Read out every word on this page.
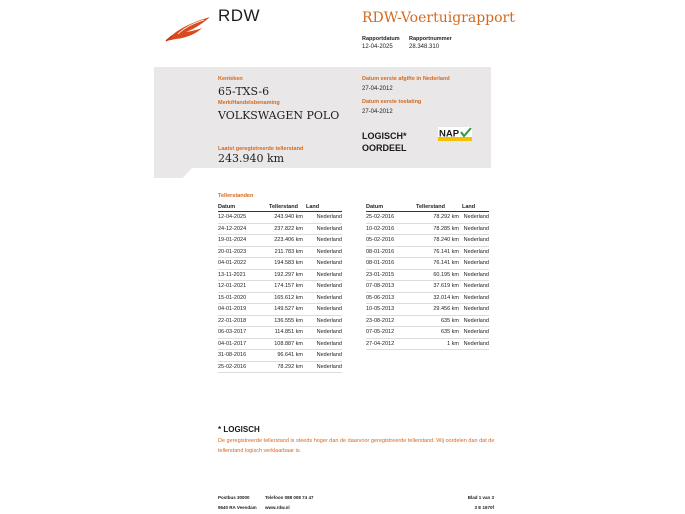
RDW	RDW-Voertuigrapport
Rapportdatum
12-04-2025
Rapportnummer
28.348.310
Kenteken
65-TXS-6
Merk/Handelsbenaming
VOLKSWAGEN POLO
Laatst geregistreerde tellerstand
243.940 km
Datum eerste afgifte in Nederland
27-04-2012
Datum eerste toelating
27-04-2012
LOGISCH*
OORDEEL
NAP
Tellerstanden
Datum	Tellerstand	Land
12-04-2025	243.940 km	Nederland
24-12-2024	237.822 km	Nederland
19-01-2024	223.406 km	Nederland
20-01-2023	211.783 km	Nederland
04-01-2022	194.583 km	Nederland
13-11-2021	192.297 km	Nederland
12-01-2021	174.157 km	Nederland
15-01-2020	165.612 km	Nederland
04-01-2019	149.527 km	Nederland
22-01-2018	136.555 km	Nederland
06-03-2017	114.851 km	Nederland
04-01-2017	108.887 km	Nederland
31-08-2016	96.641 km	Nederland
25-02-2016	78.292 km	Nederland
Datum	Tellerstand	Land
25-02-2016	78.292 km	Nederland
10-02-2016	78.285 km	Nederland
05-02-2016	78.240 km	Nederland
08-01-2016	76.141 km	Nederland
08-01-2016	76.141 km	Nederland
23-01-2015	60.195 km	Nederland
07-08-2013	37.619 km	Nederland
05-06-2013	32.014 km	Nederland
10-05-2013	29.456 km	Nederland
23-08-2012	635 km	Nederland
07-05-2012	635 km	Nederland
27-04-2012	1 km	Nederland
* LOGISCH
De geregistreerde tellerstand is steeds hoger dan de daarvoor geregistreerde tellerstand. Wij oordelen dan dat de tellerstand logisch verklaarbaar is.
Postbus 30000
9640 RA Veendam
Telefoon 088 008 74 47
www.rdw.nl
Blad 1 van 3
3 E 1670f
